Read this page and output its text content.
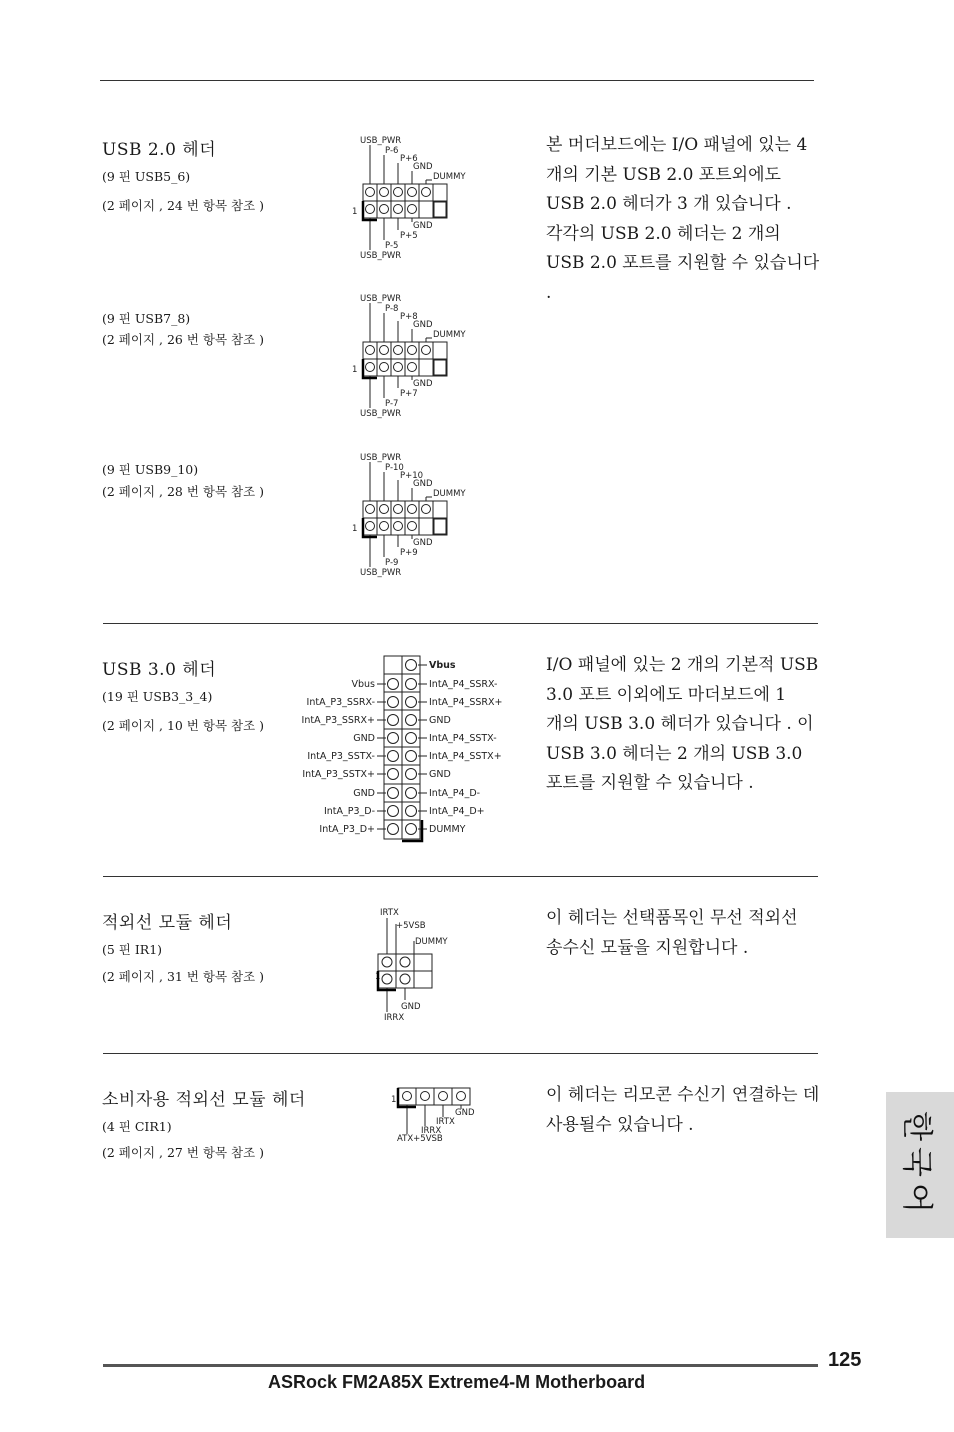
USB 2.0 헤더
(9 핀 USB5_6)
(2 페이지 , 24 번 항목 참조 )
(9 핀 USB7_8)
(2 페이지 , 26 번 항목 참조 )
(9 핀 USB9_10)
(2 페이지 , 28 번 항목 참조 )
본 머더보드에는 I/O 패널에 있는 4 개의 기본 USB 2.0 포트외에도 USB 2.0 헤더가 3 개 있습니다 . 각각의 USB 2.0 헤더는 2 개의 USB 2.0 포트를 지원할 수 있습니다 .
USB_PWR
P-6
P+6
GND
DUMMY
1
GND
P+5
P-5
USB_PWR
USB_PWR
P-8
P+8
GND
DUMMY
1
GND
P+7
P-7
USB_PWR
USB_PWR
P-10
P+10
GND
DUMMY
1
GND
P+9
P-9
USB_PWR
USB 3.0 헤더
(19 핀 USB3_3_4)
(2 페이지 , 10 번 항목 참조 )
I/O 패널에 있는 2 개의 기본적 USB 3.0 포트 이외에도 마더보드에 1 개의 USB 3.0 헤더가 있습니다 . 이 USB 3.0 헤더는 2 개의 USB 3.0 포트를 지원할 수 있습니다 .
Vbus
IntA_P3_SSRX-
IntA_P3_SSRX+
GND
IntA_P3_SSTX-
IntA_P3_SSTX+
GND
IntA_P3_D-
IntA_P3_D+
Vbus
IntA_P4_SSRX-
IntA_P4_SSRX+
GND
IntA_P4_SSTX-
IntA_P4_SSTX+
GND
IntA_P4_D-
IntA_P4_D+
DUMMY
적외선 모듈 헤더
(5 핀 IR1)
(2 페이지 , 31 번 항목 참조 )
이 헤더는 선택품목인 무선 적외선 송수신 모듈을 지원합니다 .
IRTX
+5VSB
DUMMY
1
GND
IRRX
소비자용 적외선 모듈 헤더
(4 핀 CIR1)
(2 페이지 , 27 번 항목 참조 )
이 헤더는 리모콘 수신기 연결하는 데 사용될수 있습니다 .
1
GND
IRTX
IRRX
ATX+5VSB	한국어
125
ASRock FM2A85X Extreme4-M Motherboard
